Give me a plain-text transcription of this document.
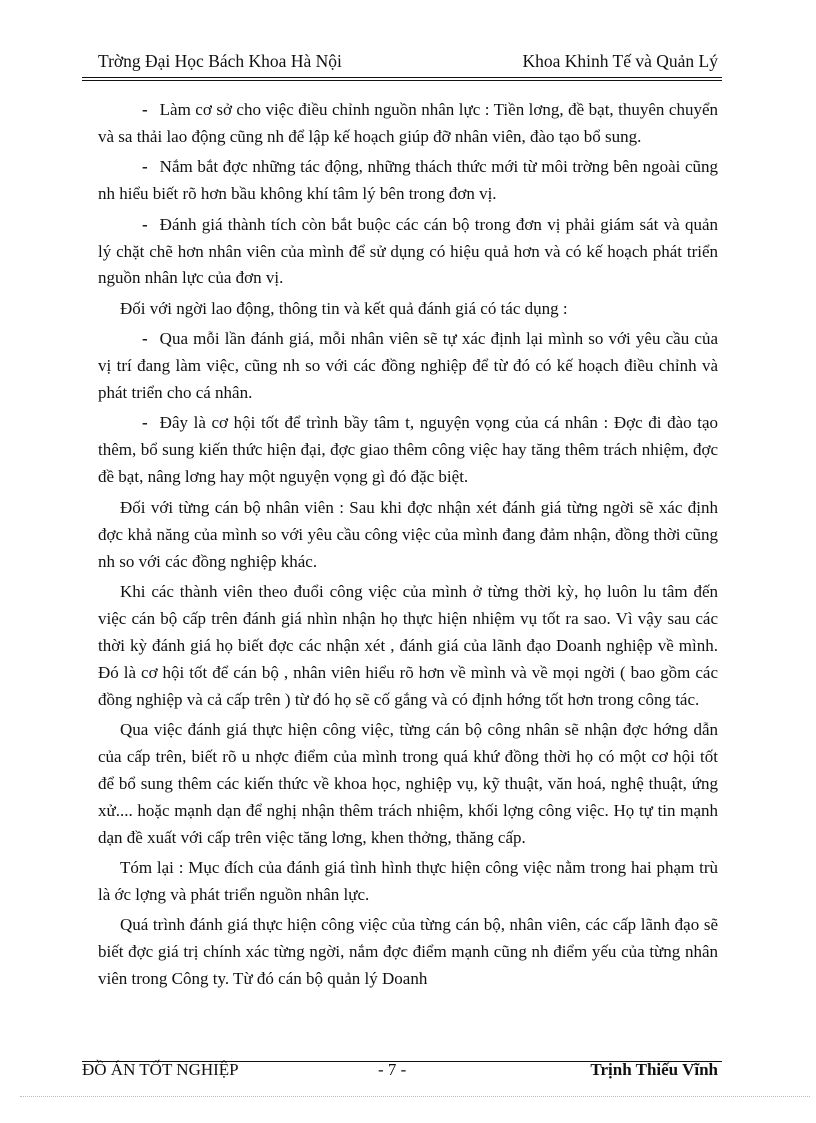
Trờng Đại Học Bách Khoa Hà Nội	Khoa Khinh Tế và Quản Lý

- Làm cơ sở cho việc điều chỉnh nguồn nhân lực : Tiền lơng, đề bạt, thuyên chuyển và sa thải lao động cũng nh để lập kế hoạch giúp đỡ nhân viên, đào tạo bổ sung.

- Nắm bắt đợc những tác động, những thách thức mới từ môi trờng bên ngoài cũng nh hiểu biết rõ hơn bầu không khí tâm lý bên trong đơn vị.

- Đánh giá thành tích còn bắt buộc các cán bộ trong đơn vị phải giám sát và quản lý chặt chẽ hơn nhân viên của mình để sử dụng có hiệu quả hơn và có kế hoạch phát triển nguồn nhân lực của đơn vị.

Đối với ngời lao động, thông tin và kết quả đánh giá có tác dụng :

- Qua mỗi lần đánh giá, mỗi nhân viên sẽ tự xác định lại mình so với yêu cầu của vị trí đang làm việc, cũng nh so với các đồng nghiệp để từ đó có kế hoạch điều chỉnh và phát triển cho cá nhân.

- Đây là cơ hội tốt để trình bầy tâm t, nguyện vọng của cá nhân : Đợc đi đào tạo thêm, bổ sung kiến thức hiện đại, đợc giao thêm công việc hay tăng thêm trách nhiệm, đợc đề bạt, nâng lơng hay một nguyện vọng gì đó đặc biệt.

Đối với từng cán bộ nhân viên : Sau khi đợc nhận xét đánh giá từng ngời sẽ xác định đợc khả năng của mình so với yêu cầu công việc của mình đang đảm nhận, đồng thời cũng nh so với các đồng nghiệp khác.

Khi các thành viên theo đuổi công việc của mình ở từng thời kỳ, họ luôn lu tâm đến việc cán bộ cấp trên đánh giá nhìn nhận họ thực hiện nhiệm vụ tốt ra sao. Vì vậy sau các thời kỳ đánh giá họ biết đợc các nhận xét , đánh giá của lãnh đạo Doanh nghiệp về mình. Đó là cơ hội tốt để cán bộ , nhân viên hiểu rõ hơn về mình và về mọi ngời ( bao gồm các đồng nghiệp và cả cấp trên ) từ đó họ sẽ cố gắng và có định hớng tốt hơn trong công tác.

Qua việc đánh giá thực hiện công việc, từng cán bộ công nhân sẽ nhận đợc hớng dẫn của cấp trên, biết rõ u nhợc điểm của mình trong quá khứ đồng thời họ có một cơ hội tốt để bổ sung thêm các kiến thức về khoa học, nghiệp vụ, kỹ thuật, văn hoá, nghệ thuật, ứng xử.... hoặc mạnh dạn để nghị nhận thêm trách nhiệm, khối lợng công việc. Họ tự tin mạnh dạn đề xuất với cấp trên việc tăng lơng, khen thởng, thăng cấp.

Tóm lại : Mục đích của đánh giá tình hình thực hiện công việc nằm trong hai phạm trù là ớc lợng và phát triển nguồn nhân lực.

Quá trình đánh giá thực hiện công việc của từng cán bộ, nhân viên, các cấp lãnh đạo sẽ biết đợc giá trị chính xác từng ngời, nắm đợc điểm mạnh cũng nh điểm yếu của từng nhân viên trong Công ty. Từ đó cán bộ quản lý Doanh

ĐỒ ÁN TỐT NGHIỆP	- 7 -	Trịnh Thiếu Vĩnh
